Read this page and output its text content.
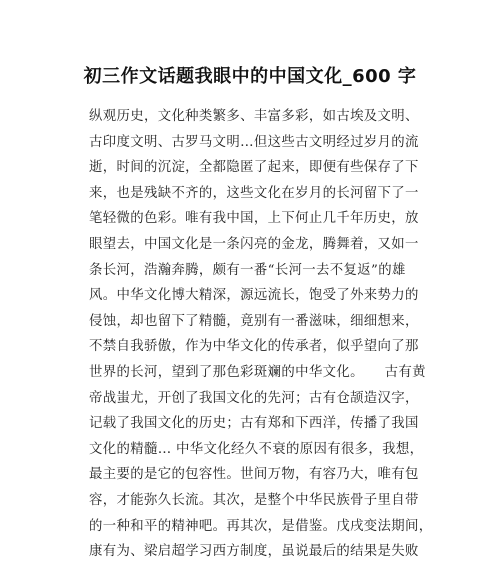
初三作文话题我眼中的中国文化_600 字
纵观历史，文化种类繁多、丰富多彩，如古埃及文明、
古印度文明、古罗马文明…但这些古文明经过岁月的流
逝，时间的沉淀，全都隐匿了起来，即便有些保存了下
来，也是残缺不齐的，这些文化在岁月的长河留下了一
笔轻微的色彩。唯有我中国，上下何止几千年历史，放
眼望去，中国文化是一条闪亮的金龙，腾舞着，又如一
条长河，浩瀚奔腾，颇有一番“长河一去不复返”的雄
风。中华文化博大精深，源远流长，饱受了外来势力的
侵蚀，却也留下了精髓，竟别有一番滋味，细细想来，
不禁自我骄傲，作为中华文化的传承者，似乎望向了那
世界的长河，望到了那色彩斑斓的中华文化。　　古有黄
帝战蚩尤，开创了我国文化的先河；古有仓颉造汉字，
记载了我国文化的历史；古有郑和下西洋，传播了我国
文化的精髓… 中华文化经久不衰的原因有很多，我想，
最主要的是它的包容性。世间万物，有容乃大，唯有包
容，才能弥久长流。其次，是整个中华民族骨子里自带
的一种和平的精神吧。再其次，是借鉴。戊戌变法期间，
康有为、梁启超学习西方制度，虽说最后的结果是失败
